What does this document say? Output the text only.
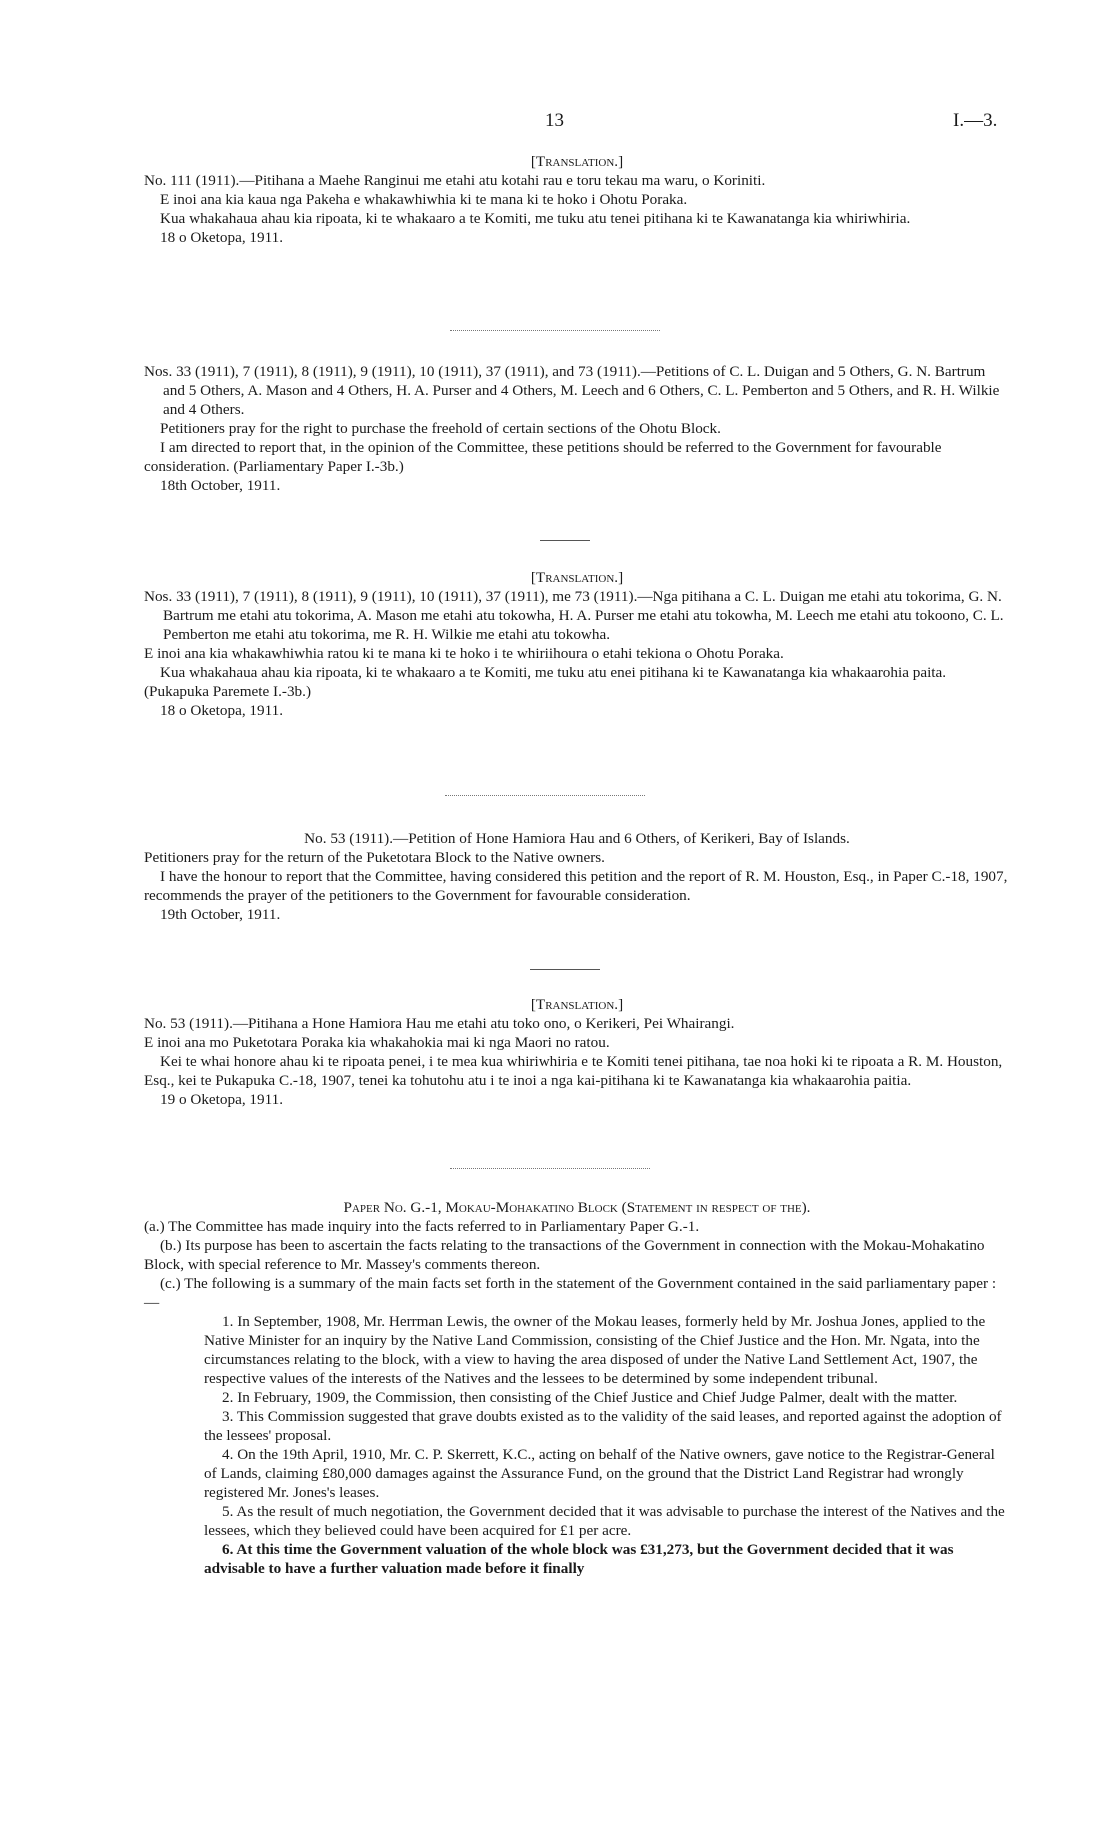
13	I.—3.

[Translation.]

No. 111 (1911).—Pitihana a Maehe Ranginui me etahi atu kotahi rau e toru tekau ma waru, o Koriniti.

E inoi ana kia kaua nga Pakeha e whakawhiwhia ki te mana ki te hoko i Ohotu Poraka.

Kua whakahaua ahau kia ripoata, ki te whakaaro a te Komiti, me tuku atu tenei pitihana ki te Kawanatanga kia whiriwhiria.

18 o Oketopa, 1911.

Nos. 33 (1911), 7 (1911), 8 (1911), 9 (1911), 10 (1911), 37 (1911), and 73 (1911).—Petitions of C. L. Duigan and 5 Others, G. N. Bartrum and 5 Others, A. Mason and 4 Others, H. A. Purser and 4 Others, M. Leech and 6 Others, C. L. Pemberton and 5 Others, and R. H. Wilkie and 4 Others.

Petitioners pray for the right to purchase the freehold of certain sections of the Ohotu Block.

I am directed to report that, in the opinion of the Committee, these petitions should be referred to the Government for favourable consideration. (Parliamentary Paper I.-3b.)

18th October, 1911.

[Translation.]

Nos. 33 (1911), 7 (1911), 8 (1911), 9 (1911), 10 (1911), 37 (1911), me 73 (1911).—Nga pitihana a C. L. Duigan me etahi atu tokorima, G. N. Bartrum me etahi atu tokorima, A. Mason me etahi atu tokowha, H. A. Purser me etahi atu tokowha, M. Leech me etahi atu tokoono, C. L. Pemberton me etahi atu tokorima, me R. H. Wilkie me etahi atu tokowha.

E inoi ana kia whakawhiwhia ratou ki te mana ki te hoko i te whiriihoura o etahi tekiona o Ohotu Poraka.

Kua whakahaua ahau kia ripoata, ki te whakaaro a te Komiti, me tuku atu enei pitihana ki te Kawanatanga kia whakaarohia paita. (Pukapuka Paremete I.-3b.)

18 o Oketopa, 1911.

No. 53 (1911).—Petition of Hone Hamiora Hau and 6 Others, of Kerikeri, Bay of Islands.

Petitioners pray for the return of the Puketotara Block to the Native owners.

I have the honour to report that the Committee, having considered this petition and the report of R. M. Houston, Esq., in Paper C.-18, 1907, recommends the prayer of the petitioners to the Government for favourable consideration.

19th October, 1911.

[Translation.]

No. 53 (1911).—Pitihana a Hone Hamiora Hau me etahi atu toko ono, o Kerikeri, Pei Whairangi.

E inoi ana mo Puketotara Poraka kia whakahokia mai ki nga Maori no ratou.

Kei te whai honore ahau ki te ripoata penei, i te mea kua whiriwhiria e te Komiti tenei pitihana, tae noa hoki ki te ripoata a R. M. Houston, Esq., kei te Pukapuka C.-18, 1907, tenei ka tohutohu atu i te inoi a nga kai-pitihana ki te Kawanatanga kia whakaarohia paitia.

19 o Oketopa, 1911.

Paper No. G.-1, Mokau-Mohakatino Block (Statement in respect of the).

(a.) The Committee has made inquiry into the facts referred to in Parliamentary Paper G.-1.

(b.) Its purpose has been to ascertain the facts relating to the transactions of the Government in connection with the Mokau-Mohakatino Block, with special reference to Mr. Massey's comments thereon.

(c.) The following is a summary of the main facts set forth in the statement of the Government contained in the said parliamentary paper :—

1. In September, 1908, Mr. Herrman Lewis, the owner of the Mokau leases, formerly held by Mr. Joshua Jones, applied to the Native Minister for an inquiry by the Native Land Commission, consisting of the Chief Justice and the Hon. Mr. Ngata, into the circumstances relating to the block, with a view to having the area disposed of under the Native Land Settlement Act, 1907, the respective values of the interests of the Natives and the lessees to be determined by some independent tribunal.

2. In February, 1909, the Commission, then consisting of the Chief Justice and Chief Judge Palmer, dealt with the matter.

3. This Commission suggested that grave doubts existed as to the validity of the said leases, and reported against the adoption of the lessees' proposal.

4. On the 19th April, 1910, Mr. C. P. Skerrett, K.C., acting on behalf of the Native owners, gave notice to the Registrar-General of Lands, claiming £80,000 damages against the Assurance Fund, on the ground that the District Land Registrar had wrongly registered Mr. Jones's leases.

5. As the result of much negotiation, the Government decided that it was advisable to purchase the interest of the Natives and the lessees, which they believed could have been acquired for £1 per acre.

6. At this time the Government valuation of the whole block was £31,273, but the Government decided that it was advisable to have a further valuation made before it finally
